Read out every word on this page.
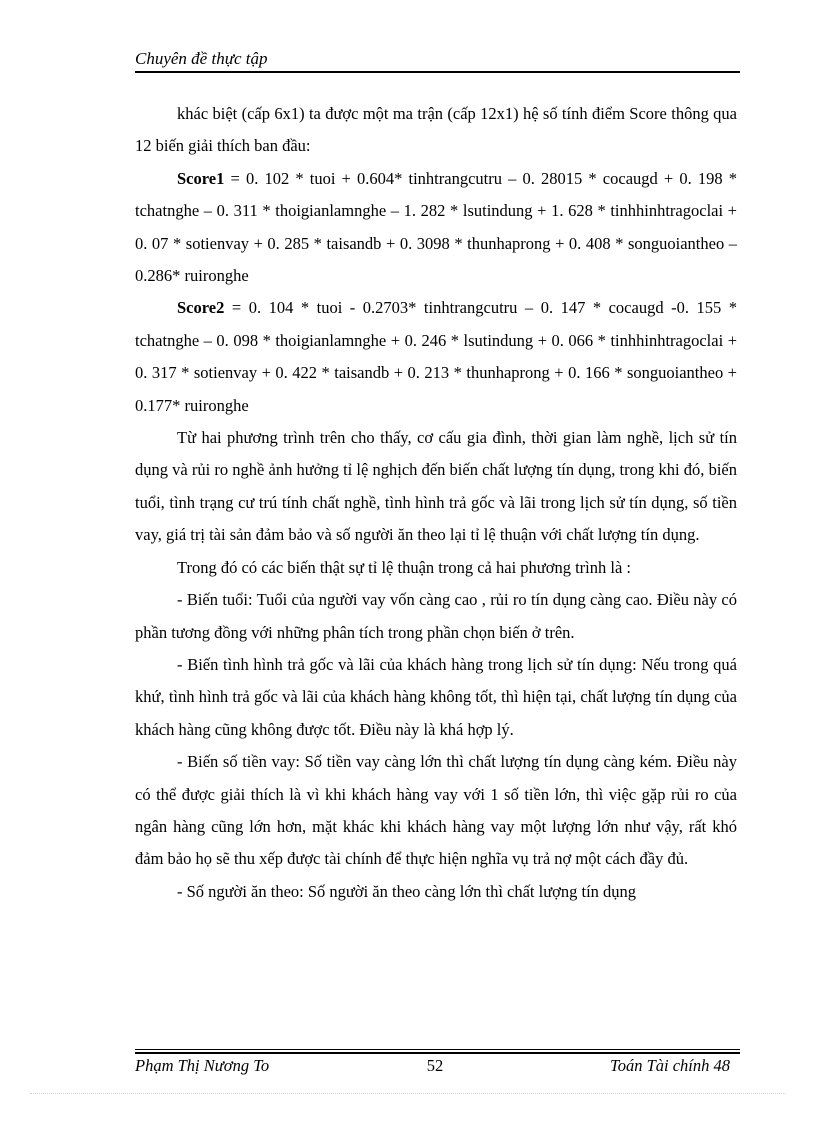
Chuyên đề thực tập

khác biệt (cấp 6x1) ta được một ma trận (cấp 12x1) hệ số tính điểm Score thông qua 12 biến giải thích ban đầu:

Score1 = 0. 102 * tuoi + 0.604* tinhtrangcutru – 0. 28015 * cocaugd + 0. 198 * tchatnghe – 0. 311 * thoigianlamnghe – 1. 282 * lsutindung + 1. 628 * tinhhinhtragoclai + 0. 07 * sotienvay + 0. 285 * taisandb + 0. 3098 * thunhaprong + 0. 408 * songuoiantheo – 0.286* ruironghe

Score2 = 0. 104 * tuoi - 0.2703* tinhtrangcutru – 0. 147 * cocaugd -0. 155 * tchatnghe – 0. 098 * thoigianlamnghe + 0. 246 * lsutindung + 0. 066 * tinhhinhtragoclai + 0. 317 * sotienvay + 0. 422 * taisandb + 0. 213 * thunhaprong + 0. 166 * songuoiantheo + 0.177* ruironghe

Từ hai phương trình trên cho thấy, cơ cấu gia đình, thời gian làm nghề, lịch sử tín dụng và rủi ro nghề ảnh hưởng tỉ lệ nghịch đến biến chất lượng tín dụng, trong khi đó, biến tuổi, tình trạng cư trú tính chất nghề, tình hình trả gốc và lãi trong lịch sử tín dụng, số tiền vay, giá trị tài sản đảm bảo và số người ăn theo lại tỉ lệ thuận với chất lượng tín dụng.

Trong đó có các biến thật sự tỉ lệ thuận trong cả hai phương trình là :

- Biến tuổi: Tuổi của người vay vốn càng cao , rủi ro tín dụng càng cao. Điều này có phần tương đồng với những phân tích trong phần chọn biến ở trên.

- Biến tình hình trả gốc và lãi của khách hàng trong lịch sử tín dụng: Nếu trong quá khứ, tình hình trả gốc và lãi của khách hàng không tốt, thì hiện tại, chất lượng tín dụng của khách hàng cũng không được tốt. Điều này là khá hợp lý.

- Biến số tiền vay: Số tiền vay càng lớn thì chất lượng tín dụng càng kém. Điều này có thể được giải thích là vì khi khách hàng vay với 1 số tiền lớn, thì việc gặp rủi ro của ngân hàng cũng lớn hơn, mặt khác khi khách hàng vay một lượng lớn như vậy, rất khó đảm bảo họ sẽ thu xếp được tài chính để thực hiện nghĩa vụ trả nợ một cách đầy đủ.

- Số người ăn theo: Số người ăn theo càng lớn thì chất lượng tín dụng

Phạm Thị Nương To	52	Toán Tài chính 48
